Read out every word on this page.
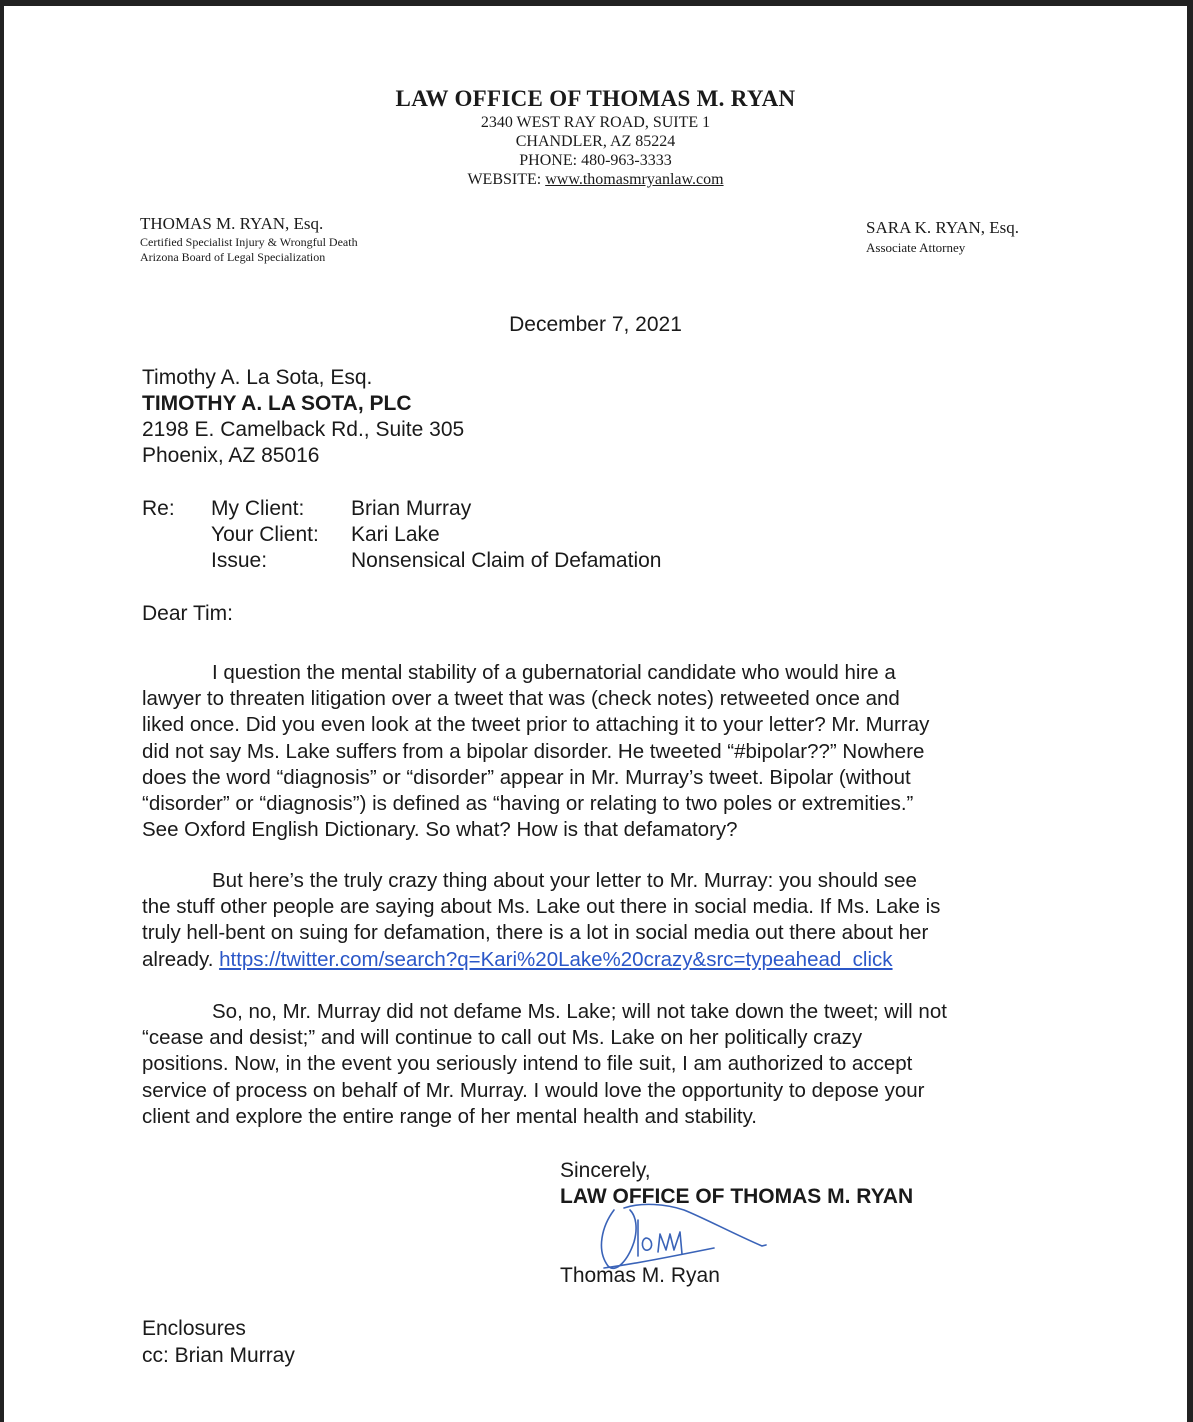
LAW OFFICE OF THOMAS M. RYAN
2340 WEST RAY ROAD, SUITE 1
CHANDLER, AZ 85224
PHONE: 480-963-3333
WEBSITE: www.thomasmryanlaw.com
THOMAS M. RYAN, Esq.
Certified Specialist Injury & Wrongful Death
Arizona Board of Legal Specialization
SARA K. RYAN, Esq.
Associate Attorney
December 7, 2021
Timothy A. La Sota, Esq.
TIMOTHY A. LA SOTA, PLC
2198 E. Camelback Rd., Suite 305
Phoenix, AZ 85016
Re: My Client:
Your Client:
Issue:
Brian Murray
Kari Lake
Nonsensical Claim of Defamation
Dear Tim:
I question the mental stability of a gubernatorial candidate who would hire a
lawyer to threaten litigation over a tweet that was (check notes) retweeted once and
liked once. Did you even look at the tweet prior to attaching it to your letter? Mr. Murray
did not say Ms. Lake suffers from a bipolar disorder. He tweeted “#bipolar??” Nowhere
does the word “diagnosis” or “disorder” appear in Mr. Murray’s tweet. Bipolar (without
“disorder” or “diagnosis”) is defined as “having or relating to two poles or extremities.”
See Oxford English Dictionary. So what? How is that defamatory?
But here’s the truly crazy thing about your letter to Mr. Murray: you should see
the stuff other people are saying about Ms. Lake out there in social media. If Ms. Lake is
truly hell-bent on suing for defamation, there is a lot in social media out there about her
already. https://twitter.com/search?q=Kari%20Lake%20crazy&src=typeahead_click
So, no, Mr. Murray did not defame Ms. Lake; will not take down the tweet; will not
“cease and desist;” and will continue to call out Ms. Lake on her politically crazy
positions. Now, in the event you seriously intend to file suit, I am authorized to accept
service of process on behalf of Mr. Murray. I would love the opportunity to depose your
client and explore the entire range of her mental health and stability.
Sincerely,
LAW OFFICE OF THOMAS M. RYAN
Thomas M. Ryan
Enclosures
cc: Brian Murray
